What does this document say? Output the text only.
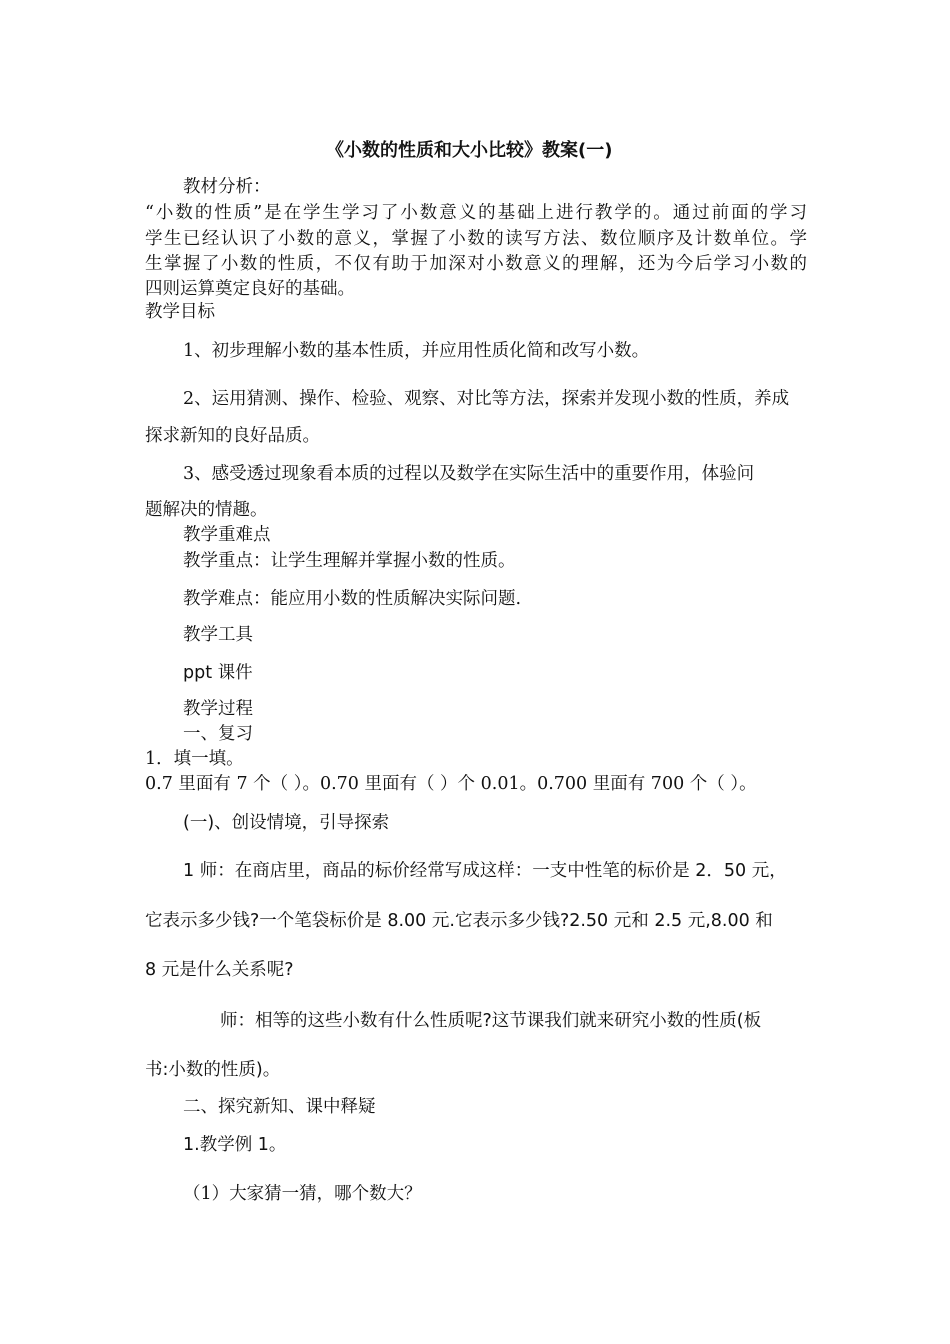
《小数的性质和大小比较》教案(一)
教材分析：
“小数的性质”是在学生学习了小数意义的基础上进行教学的。通过前面的学习
学生已经认识了小数的意义，掌握了小数的读写方法、数位顺序及计数单位。学
生掌握了小数的性质，不仅有助于加深对小数意义的理解，还为今后学习小数的
四则运算奠定良好的基础。
教学目标
1、初步理解小数的基本性质，并应用性质化简和改写小数。
2、运用猜测、操作、检验、观察、对比等方法，探索并发现小数的性质，养成
探求新知的良好品质。
3、感受透过现象看本质的过程以及数学在实际生活中的重要作用，体验问
题解决的情趣。
教学重难点
教学重点：让学生理解并掌握小数的性质。
教学难点：能应用小数的性质解决实际问题.
教学工具
ppt 课件
教学过程
一、复习
1．填一填。
0.7 里面有 7 个（ ）。0.70 里面有（ ）个 0.01。0.700 里面有 700 个（ ）。
(一)、创设情境，引导探索
1 师：在商店里，商品的标价经常写成这样：一支中性笔的标价是 2．50 元，
它表示多少钱?一个笔袋标价是 8.00 元.它表示多少钱?2.50 元和 2.5 元,8.00 和
8 元是什么关系呢?
师：相等的这些小数有什么性质呢?这节课我们就来研究小数的性质(板
书:小数的性质)。
二、探究新知、课中释疑
1.教学例 1。
（1）大家猜一猜，哪个数大？
